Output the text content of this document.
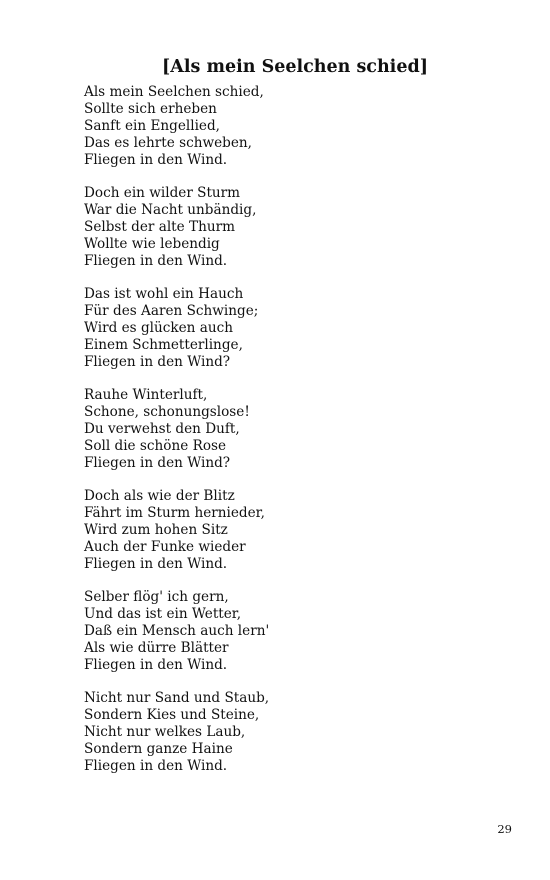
[Als mein Seelchen schied]
Als mein Seelchen schied,
Sollte sich erheben
Sanft ein Engellied,
Das es lehrte schweben,
Fliegen in den Wind.
Doch ein wilder Sturm
War die Nacht unbändig,
Selbst der alte Thurm
Wollte wie lebendig
Fliegen in den Wind.
Das ist wohl ein Hauch
Für des Aaren Schwinge;
Wird es glücken auch
Einem Schmetterlinge,
Fliegen in den Wind?
Rauhe Winterluft,
Schone, schonungslose!
Du verwehst den Duft,
Soll die schöne Rose
Fliegen in den Wind?
Doch als wie der Blitz
Fährt im Sturm hernieder,
Wird zum hohen Sitz
Auch der Funke wieder
Fliegen in den Wind.
Selber flög' ich gern,
Und das ist ein Wetter,
Daß ein Mensch auch lern'
Als wie dürre Blätter
Fliegen in den Wind.
Nicht nur Sand und Staub,
Sondern Kies und Steine,
Nicht nur welkes Laub,
Sondern ganze Haine
Fliegen in den Wind.
29
